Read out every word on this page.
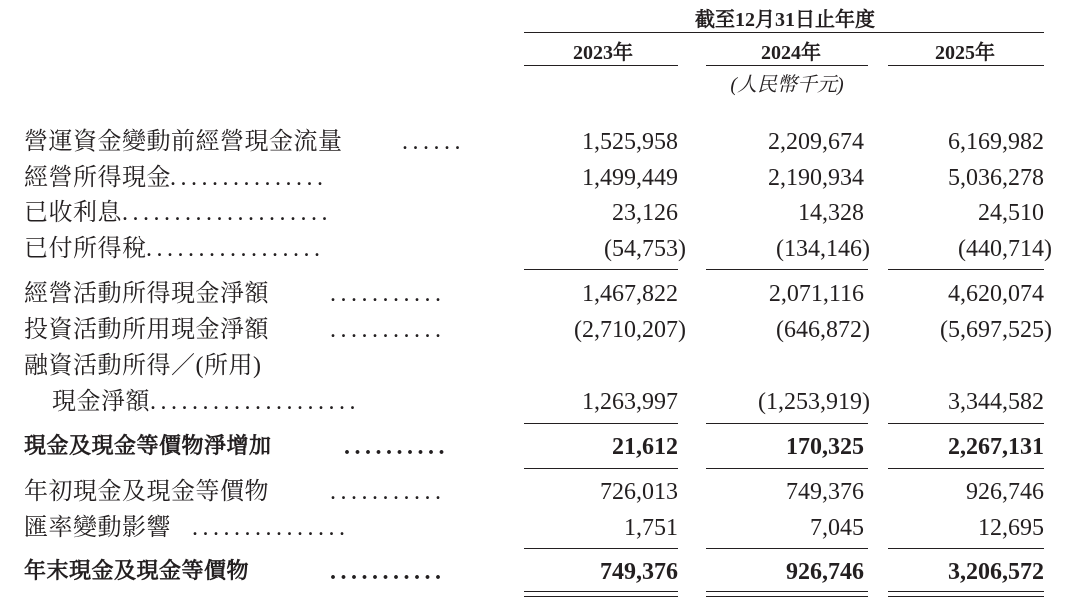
截至12月31日止年度
2023年	2024年	2025年
(人民幣千元)
營運資金變動前經營現金流量 ......	1,525,958	2,209,674	6,169,982
經營所得現金 ...............	1,499,449	2,190,934	5,036,278
已收利息 ....................	23,126	14,328	24,510
已付所得稅 .................	(54,753)	(134,146)	(440,714)
經營活動所得現金淨額	...........	1,467,822	2,071,116	4,620,074
投資活動所用現金淨額	...........	(2,710,207)	(646,872)	(5,697,525)
融資活動所得／(所用)
現金淨額 ....................	1,263,997	(1,253,919)	3,344,582
現金及現金等價物淨增加	..........	21,612	170,325	2,267,131
年初現金及現金等價物	...........	726,013	749,376	926,746
匯率變動影響 ...............	1,751	7,045	12,695
年末現金及現金等價物	...........	749,376	926,746	3,206,572
